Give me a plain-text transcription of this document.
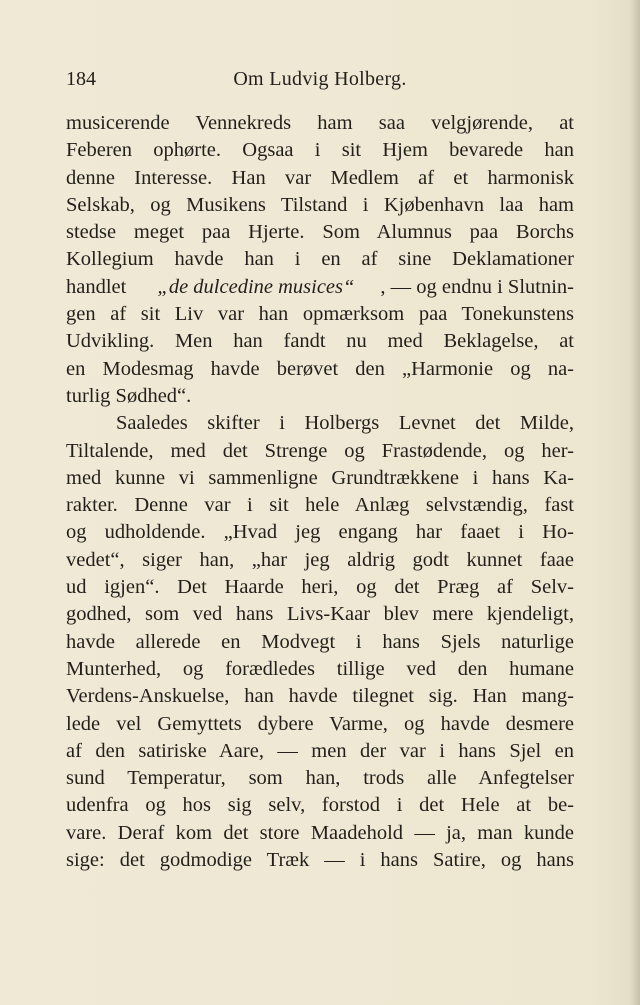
184	Om Ludvig Holberg.
musicerende Vennekreds ham saa velgjørende, at
Feberen ophørte. Ogsaa i sit Hjem bevarede han
denne Interesse. Han var Medlem af et harmonisk
Selskab, og Musikens Tilstand i Kjøbenhavn laa ham
stedse meget paa Hjerte. Som Alumnus paa Borchs
Kollegium havde han i en af sine Deklamationer
handlet „de dulcedine musices“ , — og endnu i Slutnin-
gen af sit Liv var han opmærksom paa Tonekunstens
Udvikling. Men han fandt nu med Beklagelse, at
en Modesmag havde berøvet den „Harmonie og na-
turlig Sødhed“.
Saaledes skifter i Holbergs Levnet det Milde,
Tiltalende, med det Strenge og Frastødende, og her-
med kunne vi sammenligne Grundtrækkene i hans Ka-
rakter. Denne var i sit hele Anlæg selvstændig, fast
og udholdende. „Hvad jeg engang har faaet i Ho-
vedet“, siger han, „har jeg aldrig godt kunnet faae
ud igjen“. Det Haarde heri, og det Præg af Selv-
godhed, som ved hans Livs-Kaar blev mere kjendeligt,
havde allerede en Modvegt i hans Sjels naturlige
Munterhed, og forædledes tillige ved den humane
Verdens-Anskuelse, han havde tilegnet sig. Han mang-
lede vel Gemyttets dybere Varme, og havde desmere
af den satiriske Aare, — men der var i hans Sjel en
sund Temperatur, som han, trods alle Anfegtelser
udenfra og hos sig selv, forstod i det Hele at be-
vare. Deraf kom det store Maadehold — ja, man kunde
sige: det godmodige Træk — i hans Satire, og hans
